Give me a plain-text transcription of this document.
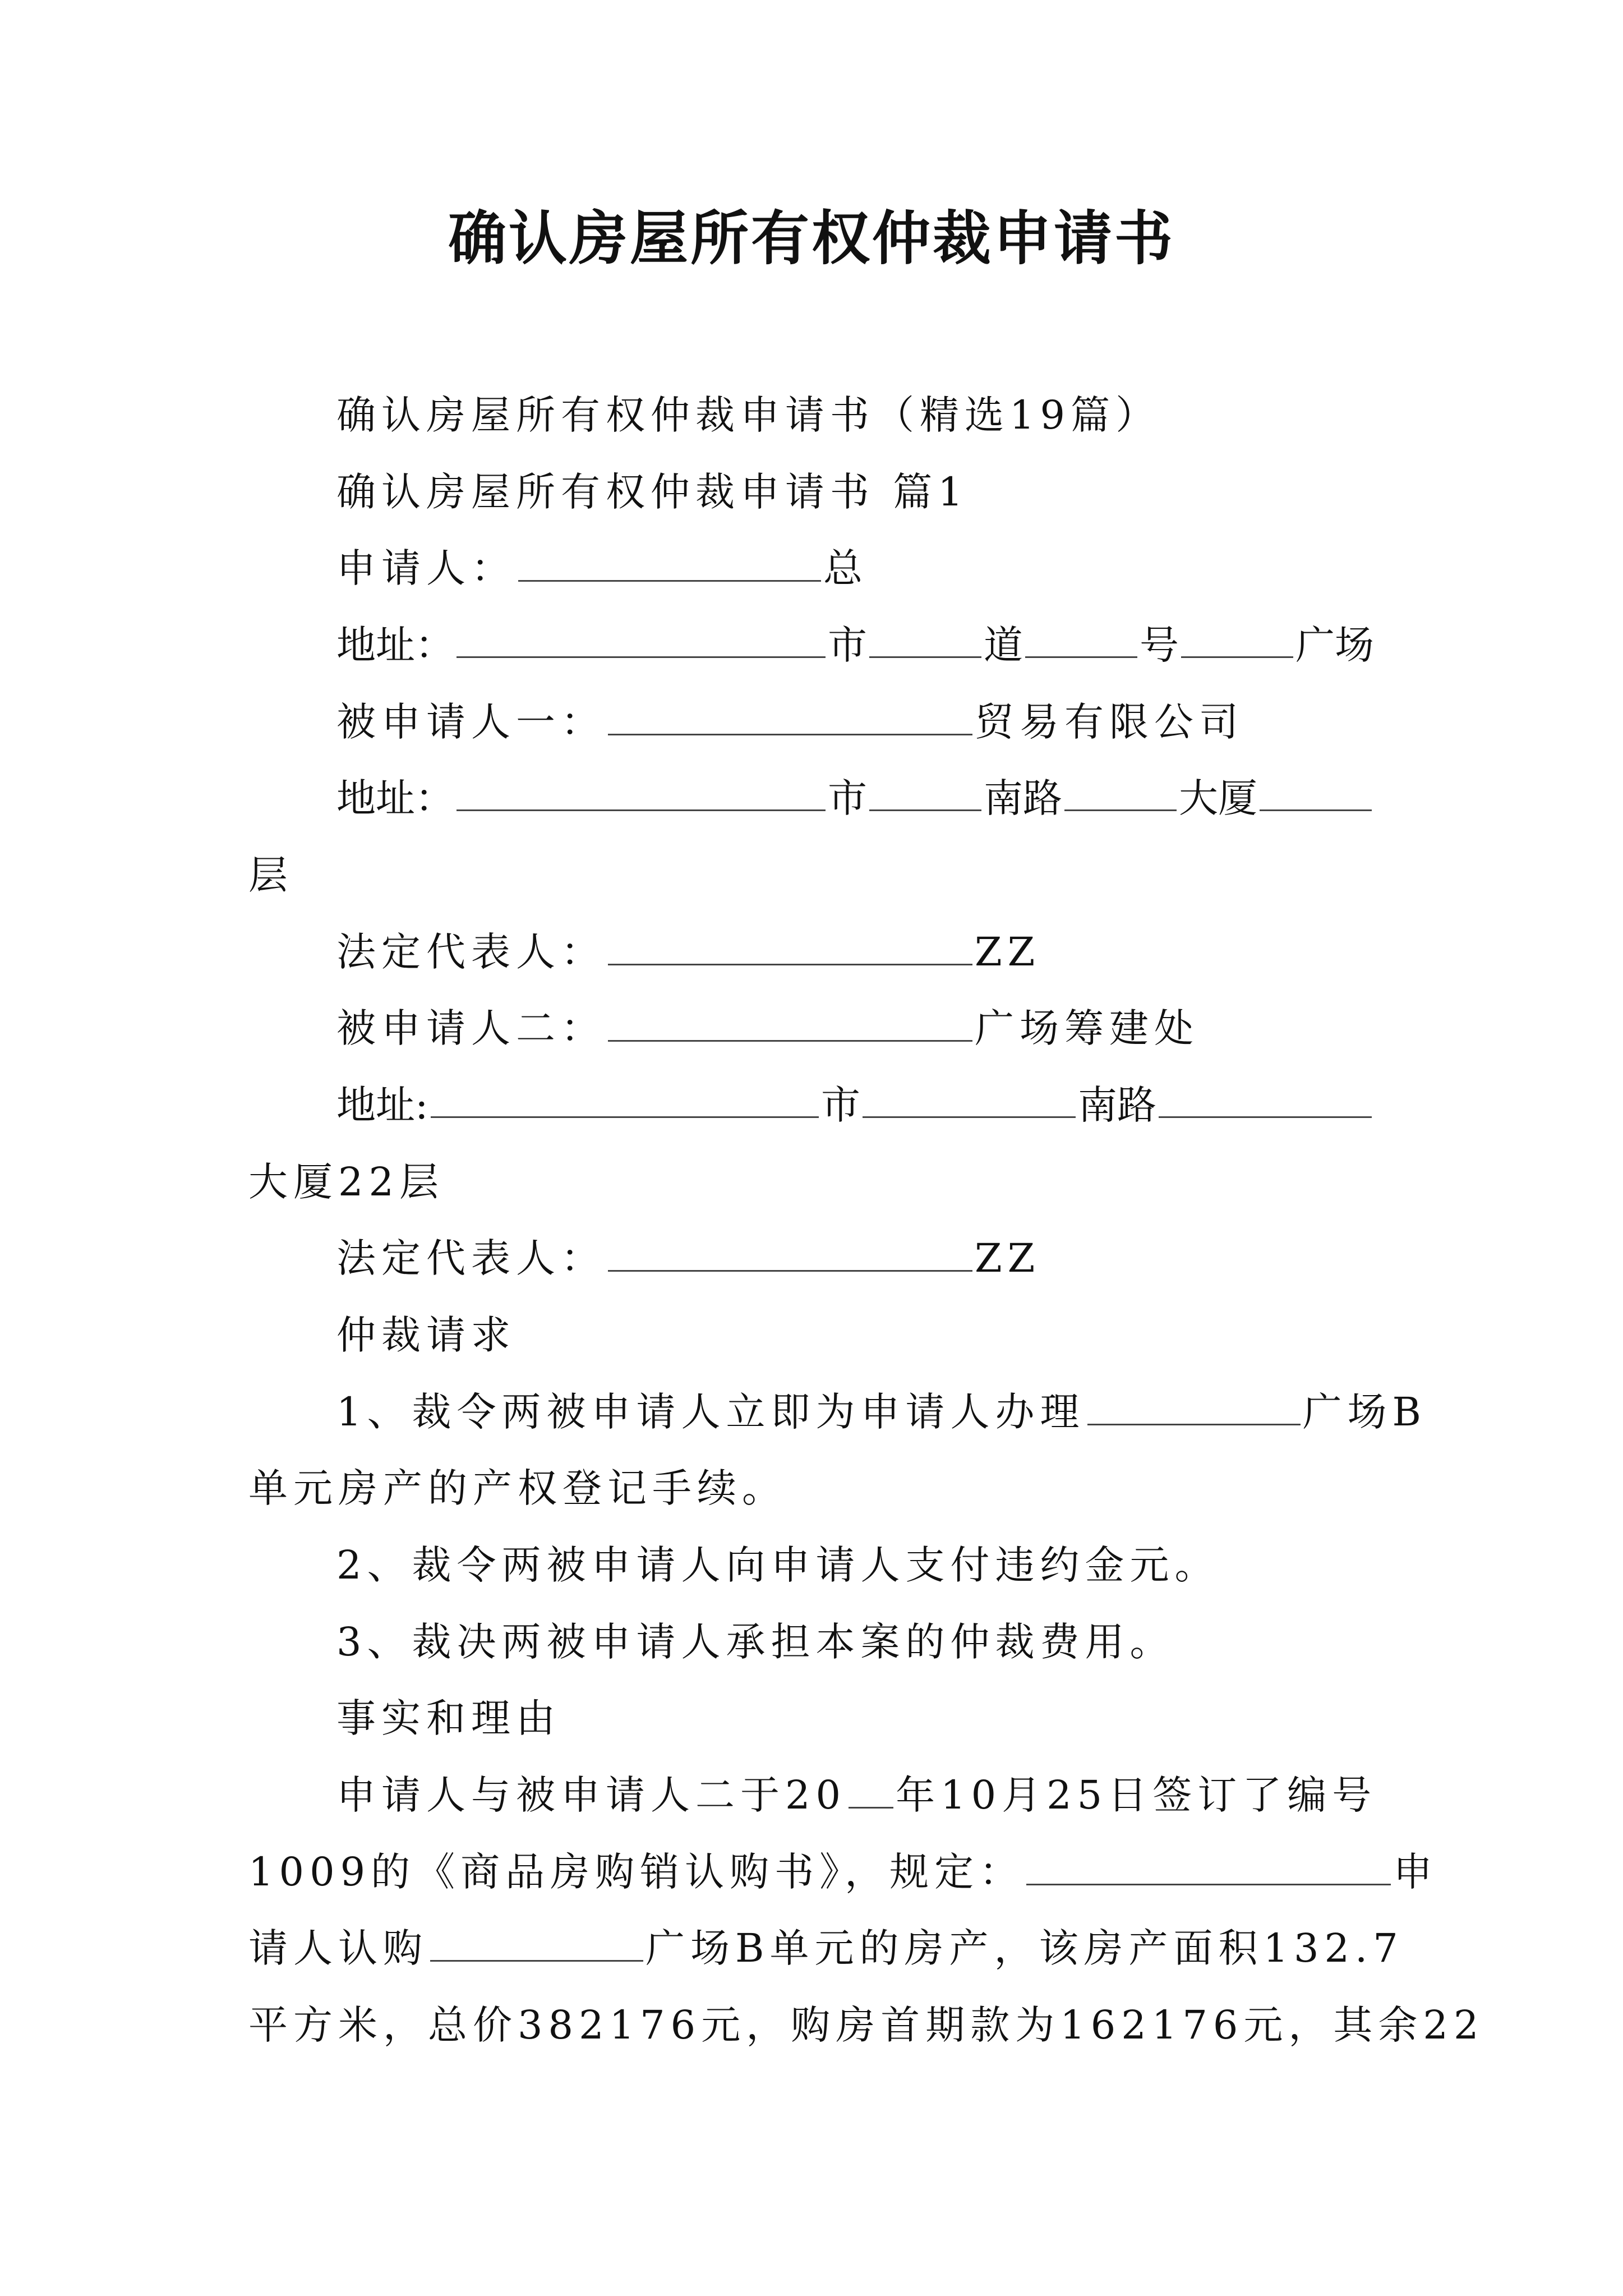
确认房屋所有权仲裁申请书
确认房屋所有权仲裁申请书（精选19篇）
确认房屋所有权仲裁申请书 篇1
申请人：	总
地址：	市	道	号	广场
被申请人一：	贸易有限公司
地址：	市	南路	大厦
层
法定代表人：	ZZ
被申请人二：	广场筹建处
地址:	市	南路
大厦22层
法定代表人：	ZZ
仲裁请求
1、裁令两被申请人立即为申请人办理	广场B
单元房产的产权登记手续。
2、裁令两被申请人向申请人支付违约金元。
3、裁决两被申请人承担本案的仲裁费用。
事实和理由
申请人与被申请人二于20 年10月25日签订了编号
1009的《商品房购销认购书》，规定：	申
请人认购	广场B单元的房产，该房产面积132.7
平方米，总价382176元，购房首期款为162176元，其余22
